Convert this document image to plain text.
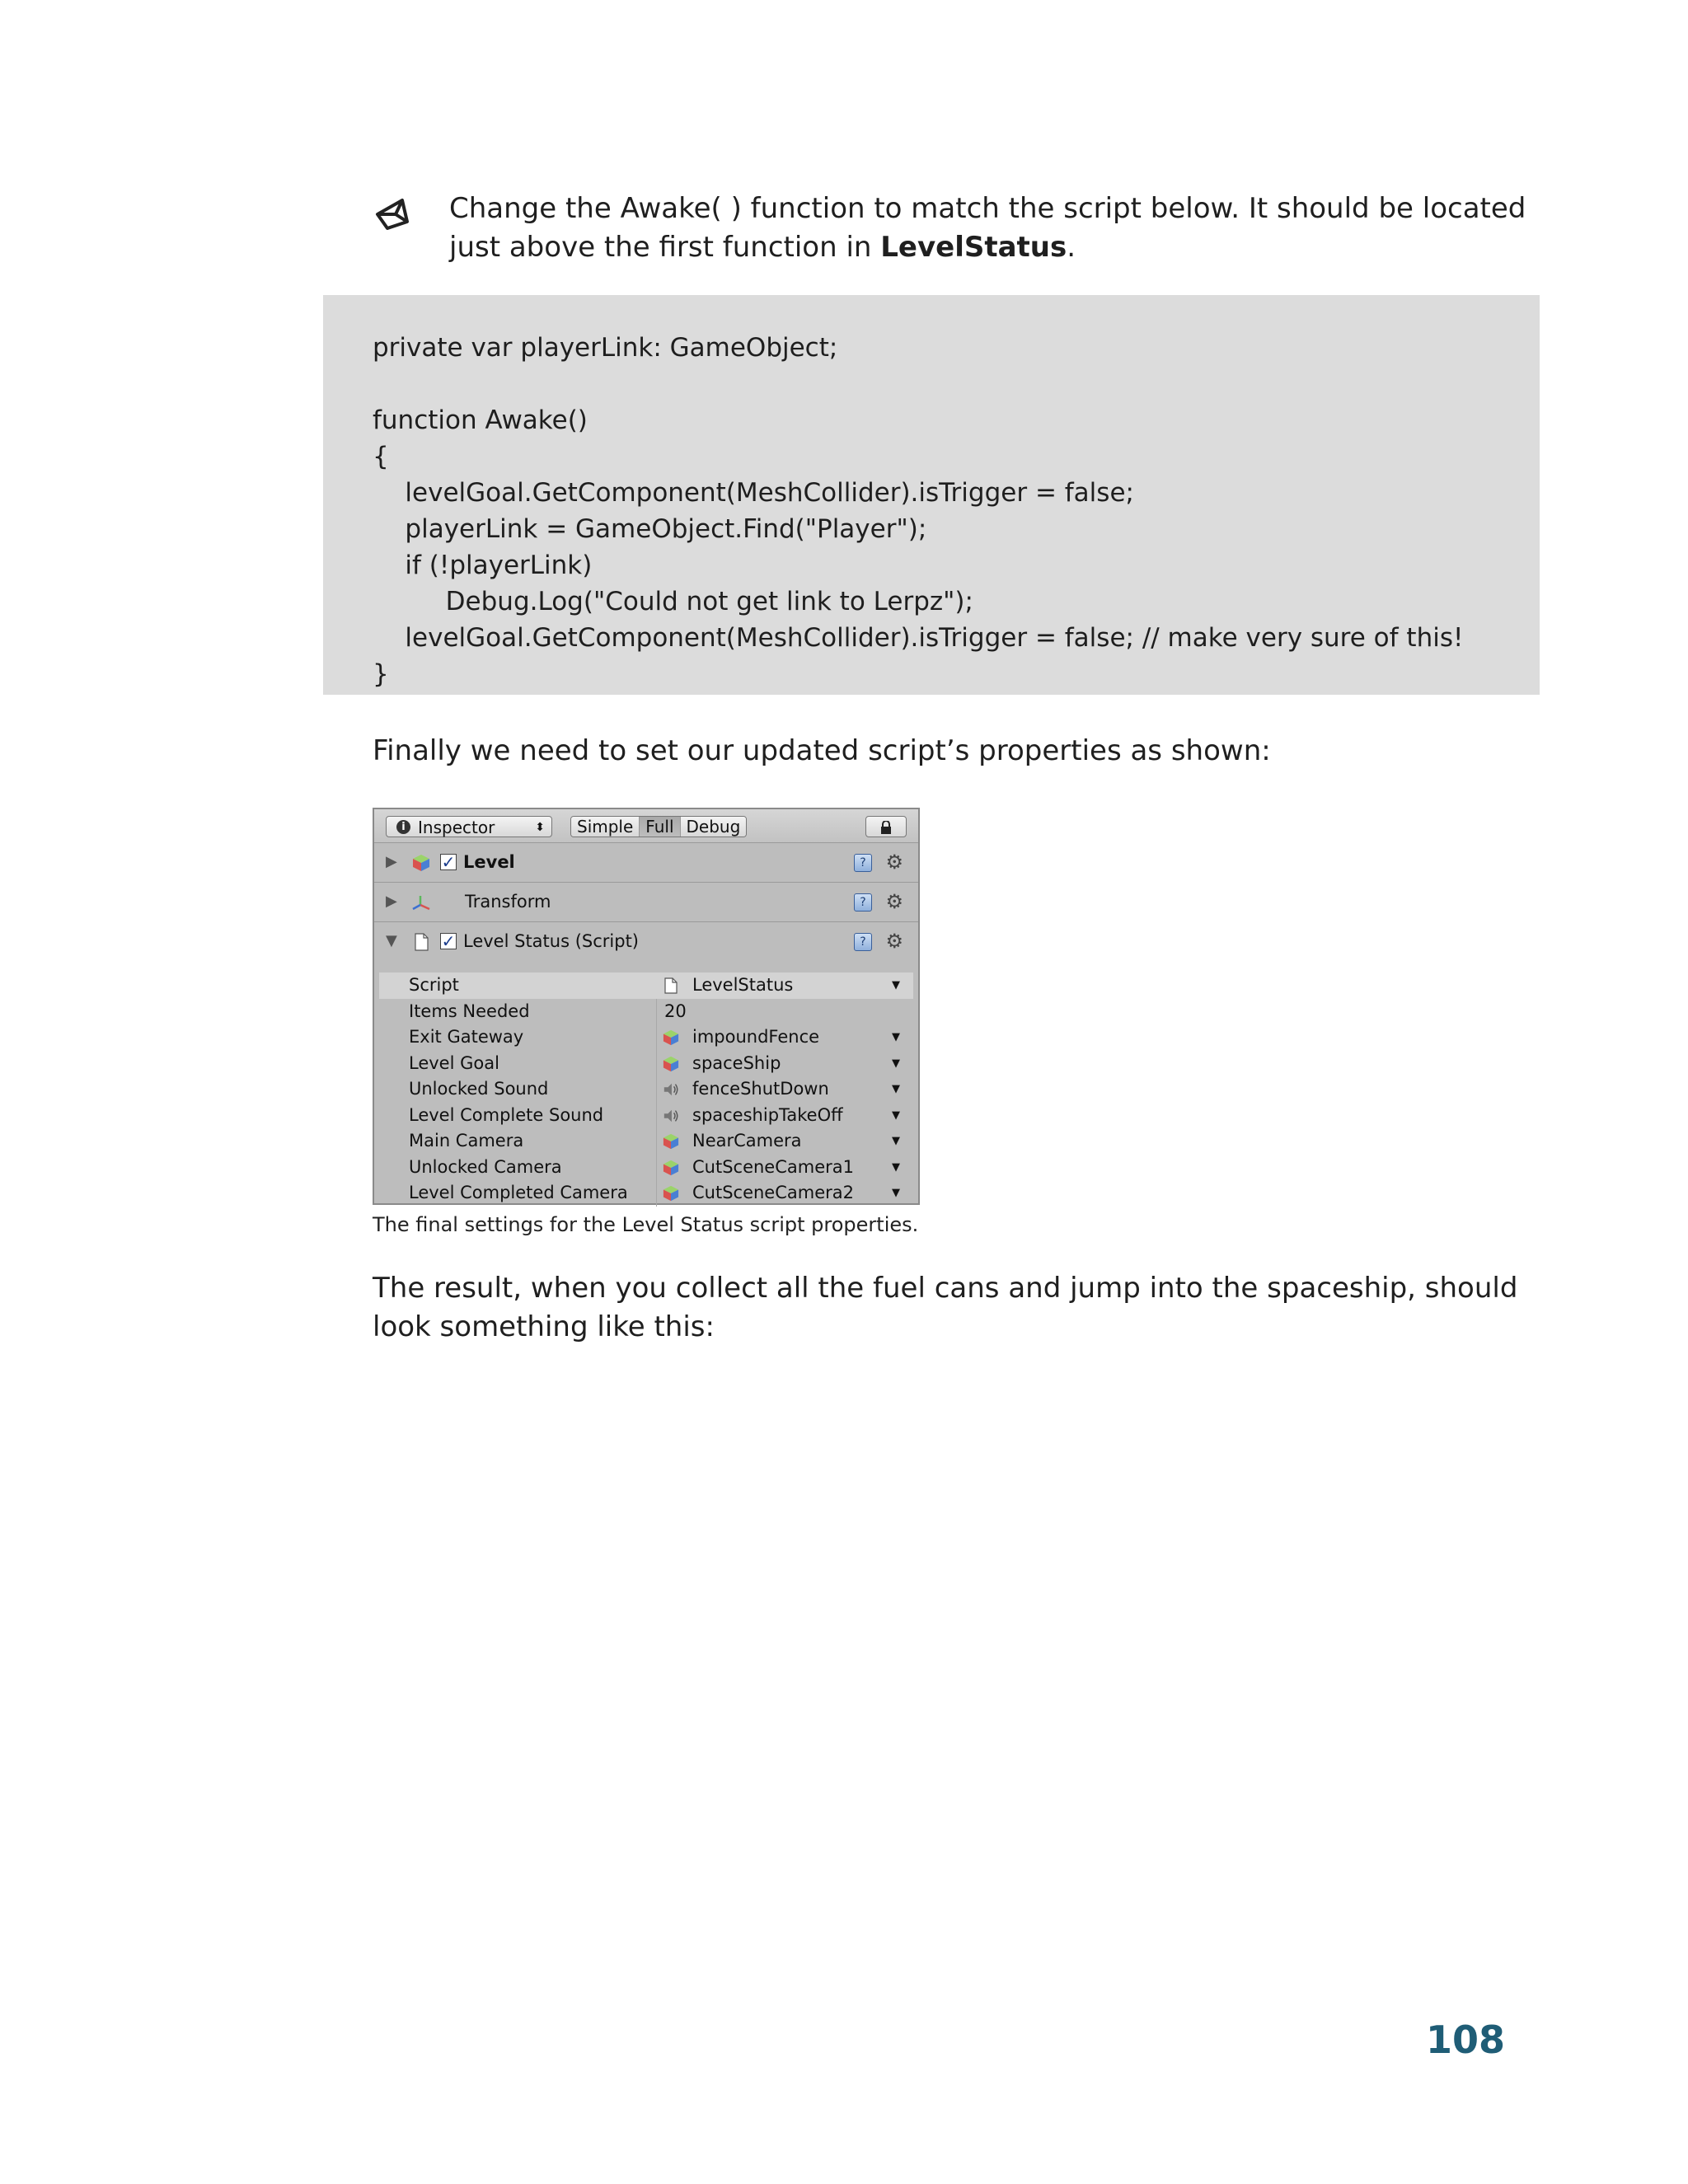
Change the Awake( ) function to match the script below. It should be located just above the first function in LevelStatus.
private var playerLink: GameObject;
function Awake()
{
levelGoal.GetComponent(MeshCollider).isTrigger = false;
playerLink = GameObject.Find("Player");
if (!playerLink)
Debug.Log("Could not get link to Lerpz");
levelGoal.GetComponent(MeshCollider).isTrigger = false; // make very sure of this!
}
Finally we need to set our updated script’s properties as shown:
i Inspector	⬍	Simple Full Debug
▶	✓ Level	? ⚙
▶	Transform	? ⚙
▼	✓ Level Status (Script)	? ⚙
Script	LevelStatus	▼
Items Needed	20
Exit Gateway	impoundFence	▼
Level Goal	spaceShip	▼
Unlocked Sound	fenceShutDown	▼
Level Complete Sound	spaceshipTakeOff	▼
Main Camera	NearCamera	▼
Unlocked Camera	CutSceneCamera1	▼
Level Completed Camera	CutSceneCamera2	▼
The final settings for the Level Status script properties.
The result, when you collect all the fuel cans and jump into the spaceship, should look something like this:
108
